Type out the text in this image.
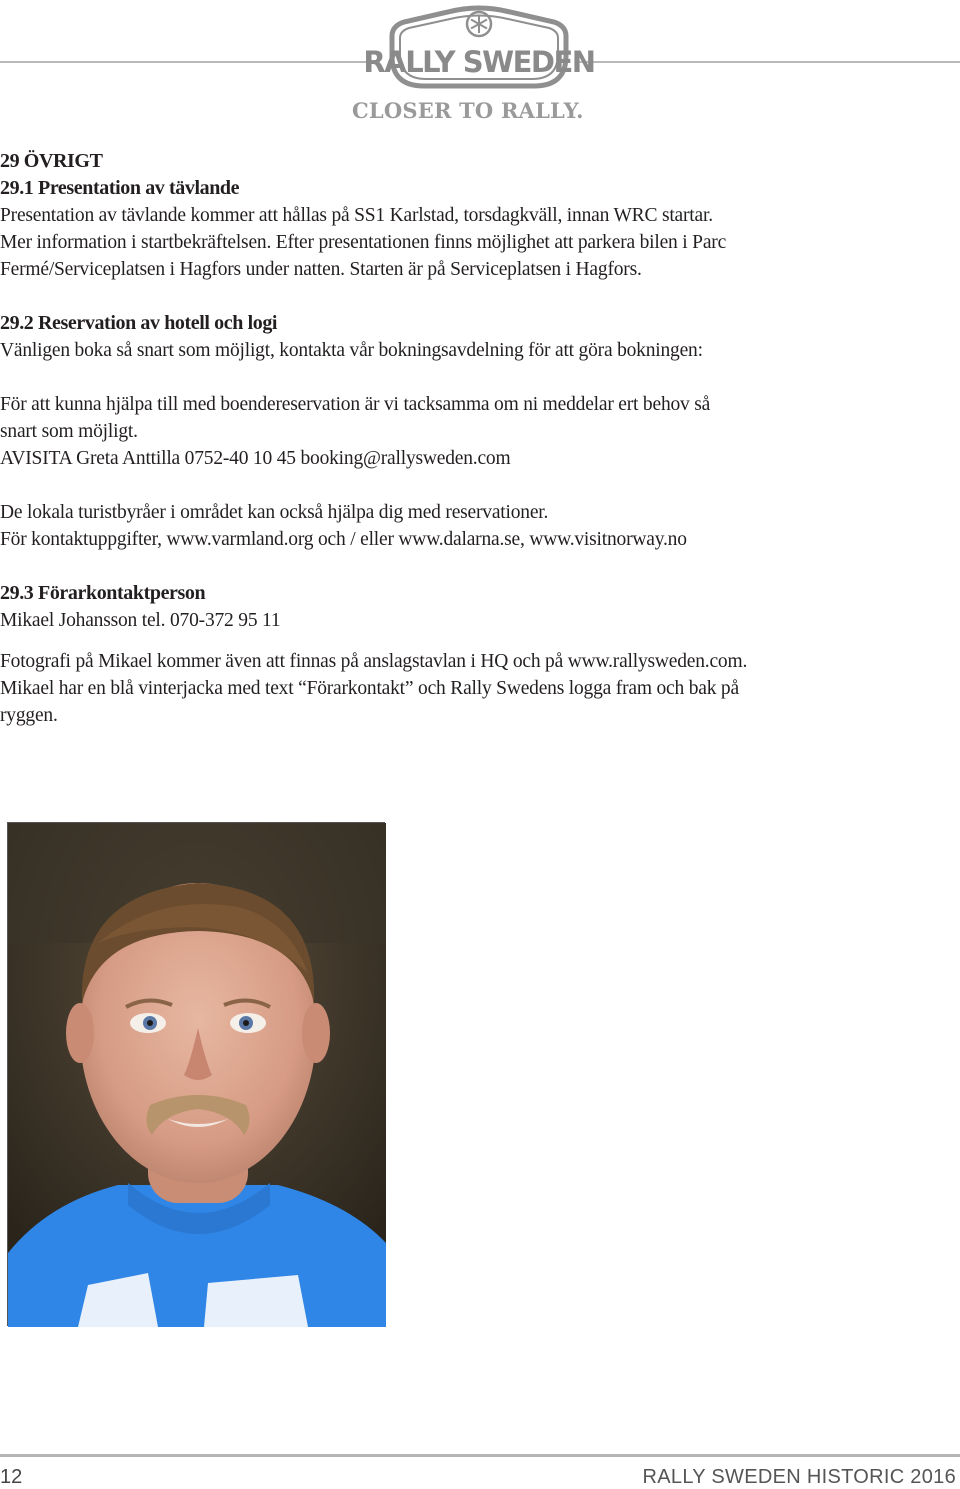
RALLY SWEDEN
CLOSER TO RALLY.
29 ÖVRIGT
29.1 Presentation av tävlande
Presentation av tävlande kommer att hållas på SS1 Karlstad, torsdagkväll, innan WRC startar.
Mer information i startbekräftelsen. Efter presentationen finns möjlighet att parkera bilen i Parc
Fermé/Serviceplatsen i Hagfors under natten. Starten är på Serviceplatsen i Hagfors.
29.2 Reservation av hotell och logi
Vänligen boka så snart som möjligt, kontakta vår bokningsavdelning för att göra bokningen:
För att kunna hjälpa till med boendereservation är vi tacksamma om ni meddelar ert behov så
snart som möjligt.
AVISITA Greta Anttilla 0752-40 10 45 booking@rallysweden.com
De lokala turistbyråer i området kan också hjälpa dig med reservationer.
För kontaktuppgifter, www.varmland.org och / eller www.dalarna.se, www.visitnorway.no
29.3 Förarkontaktperson
Mikael Johansson tel. 070-372 95 11
Fotografi på Mikael kommer även att finnas på anslagstavlan i HQ och på www.rallysweden.com.
Mikael har en blå vinterjacka med text “Förarkontakt” och Rally Swedens logga fram och bak på
ryggen.
12	RALLY SWEDEN HISTORIC 2016
